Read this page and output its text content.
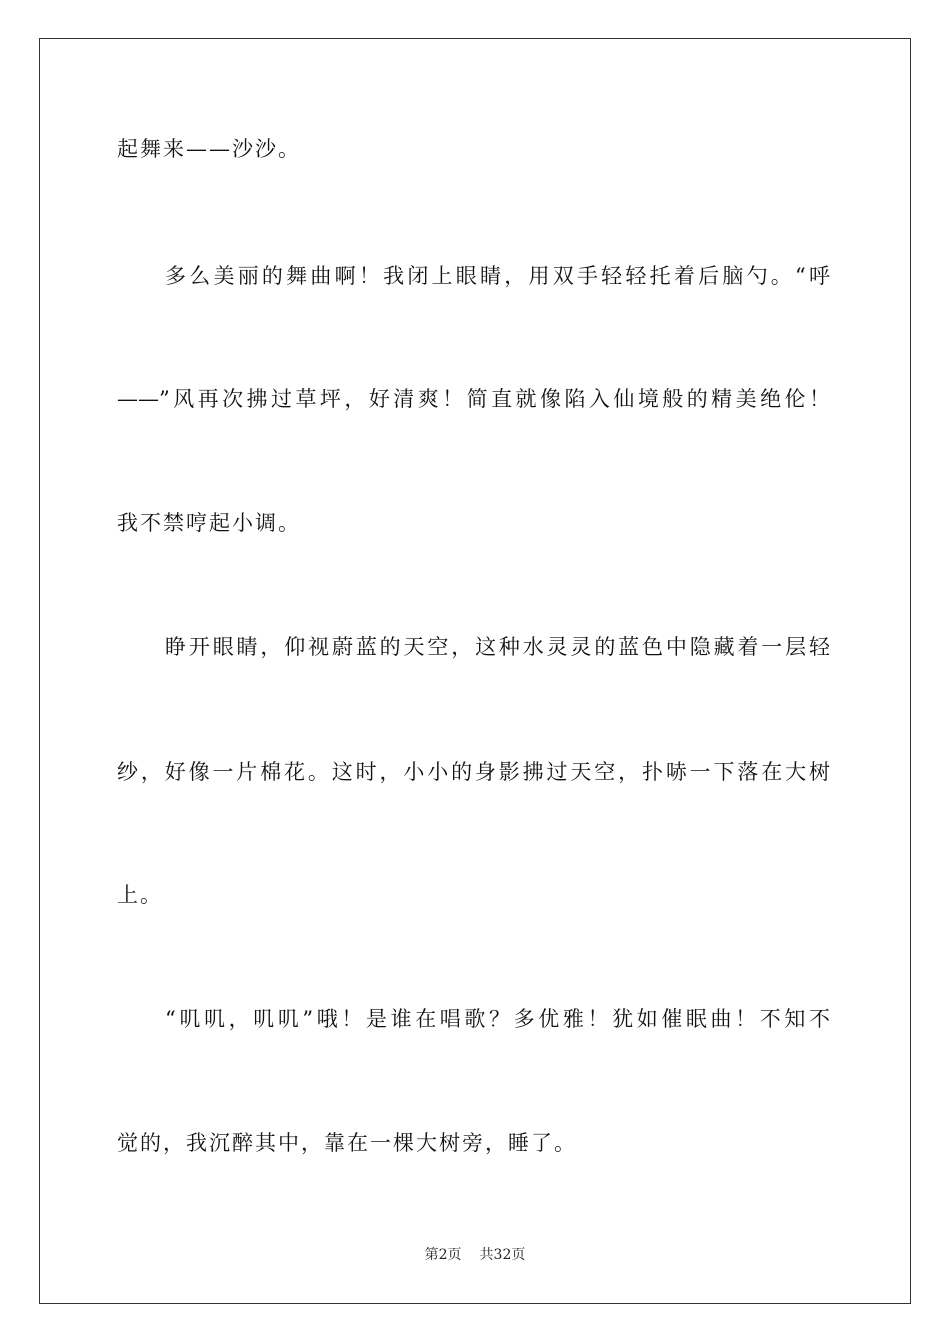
起舞来——沙沙。
多么美丽的舞曲啊！我闭上眼睛，用双手轻轻托着后脑勺。“呼
——”风再次拂过草坪，好清爽！简直就像陷入仙境般的精美绝伦！
我不禁哼起小调。
睁开眼睛，仰视蔚蓝的天空，这种水灵灵的蓝色中隐藏着一层轻
纱，好像一片棉花。这时，小小的身影拂过天空，扑哧一下落在大树
上。
“叽叽，叽叽”哦！是谁在唱歌？多优雅！犹如催眠曲！不知不
觉的，我沉醉其中，靠在一棵大树旁，睡了。
第2页 共32页
